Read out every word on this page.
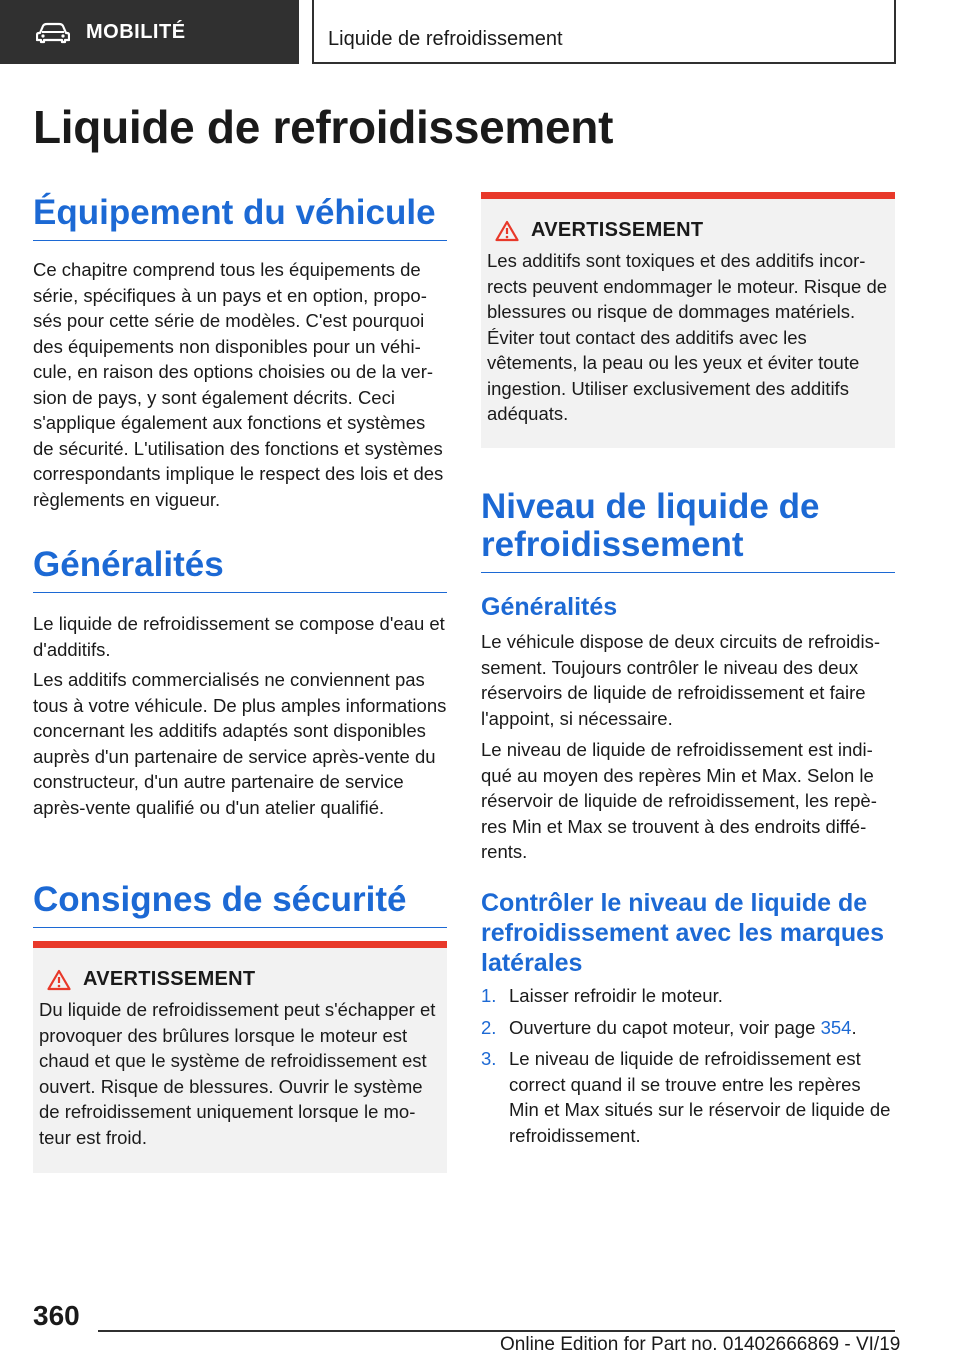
MOBILITÉ	Liquide de refroidissement
Liquide de refroidissement
Équipement du véhicule

Ce chapitre comprend tous les équipements de série, spécifiques à un pays et en option, proposés pour cette série de modèles. C'est pourquoi des équipements non disponibles pour un véhicule, en raison des options choisies ou de la version de pays, y sont également décrits. Ceci s'applique également aux fonctions et systèmes de sécurité. L'utilisation des fonctions et systèmes correspondants implique le respect des lois et des règlements en vigueur.

Généralités

Le liquide de refroidissement se compose d'eau et d'additifs.

Les additifs commercialisés ne conviennent pas tous à votre véhicule. De plus amples informations concernant les additifs adaptés sont disponibles auprès d'un partenaire de service après-vente du constructeur, d'un autre partenaire de service après-vente qualifié ou d'un atelier qualifié.

Consignes de sécurité
AVERTISSEMENT

Du liquide de refroidissement peut s'échapper et provoquer des brûlures lorsque le moteur est chaud et que le système de refroidissement est ouvert. Risque de blessures. Ouvrir le système de refroidissement uniquement lorsque le moteur est froid.

AVERTISSEMENT

Les additifs sont toxiques et des additifs incorrects peuvent endommager le moteur. Risque de blessures ou risque de dommages matériels. Éviter tout contact des additifs avec les vêtements, la peau ou les yeux et éviter toute ingestion. Utiliser exclusivement des additifs adéquats.

Niveau de liquide de refroidissement
Généralités

Le véhicule dispose de deux circuits de refroidissement. Toujours contrôler le niveau des deux réservoirs de liquide de refroidissement et faire l'appoint, si nécessaire.

Le niveau de liquide de refroidissement est indiqué au moyen des repères Min et Max. Selon le réservoir de liquide de refroidissement, les repères Min et Max se trouvent à des endroits différents.

Contrôler le niveau de liquide de refroidissement avec les marques latérales
1. Laisser refroidir le moteur.
2. Ouverture du capot moteur, voir page 354.
3. Le niveau de liquide de refroidissement est correct quand il se trouve entre les repères Min et Max situés sur le réservoir de liquide de refroidissement.
360
Online Edition for Part no. 01402666869 - VI/19
